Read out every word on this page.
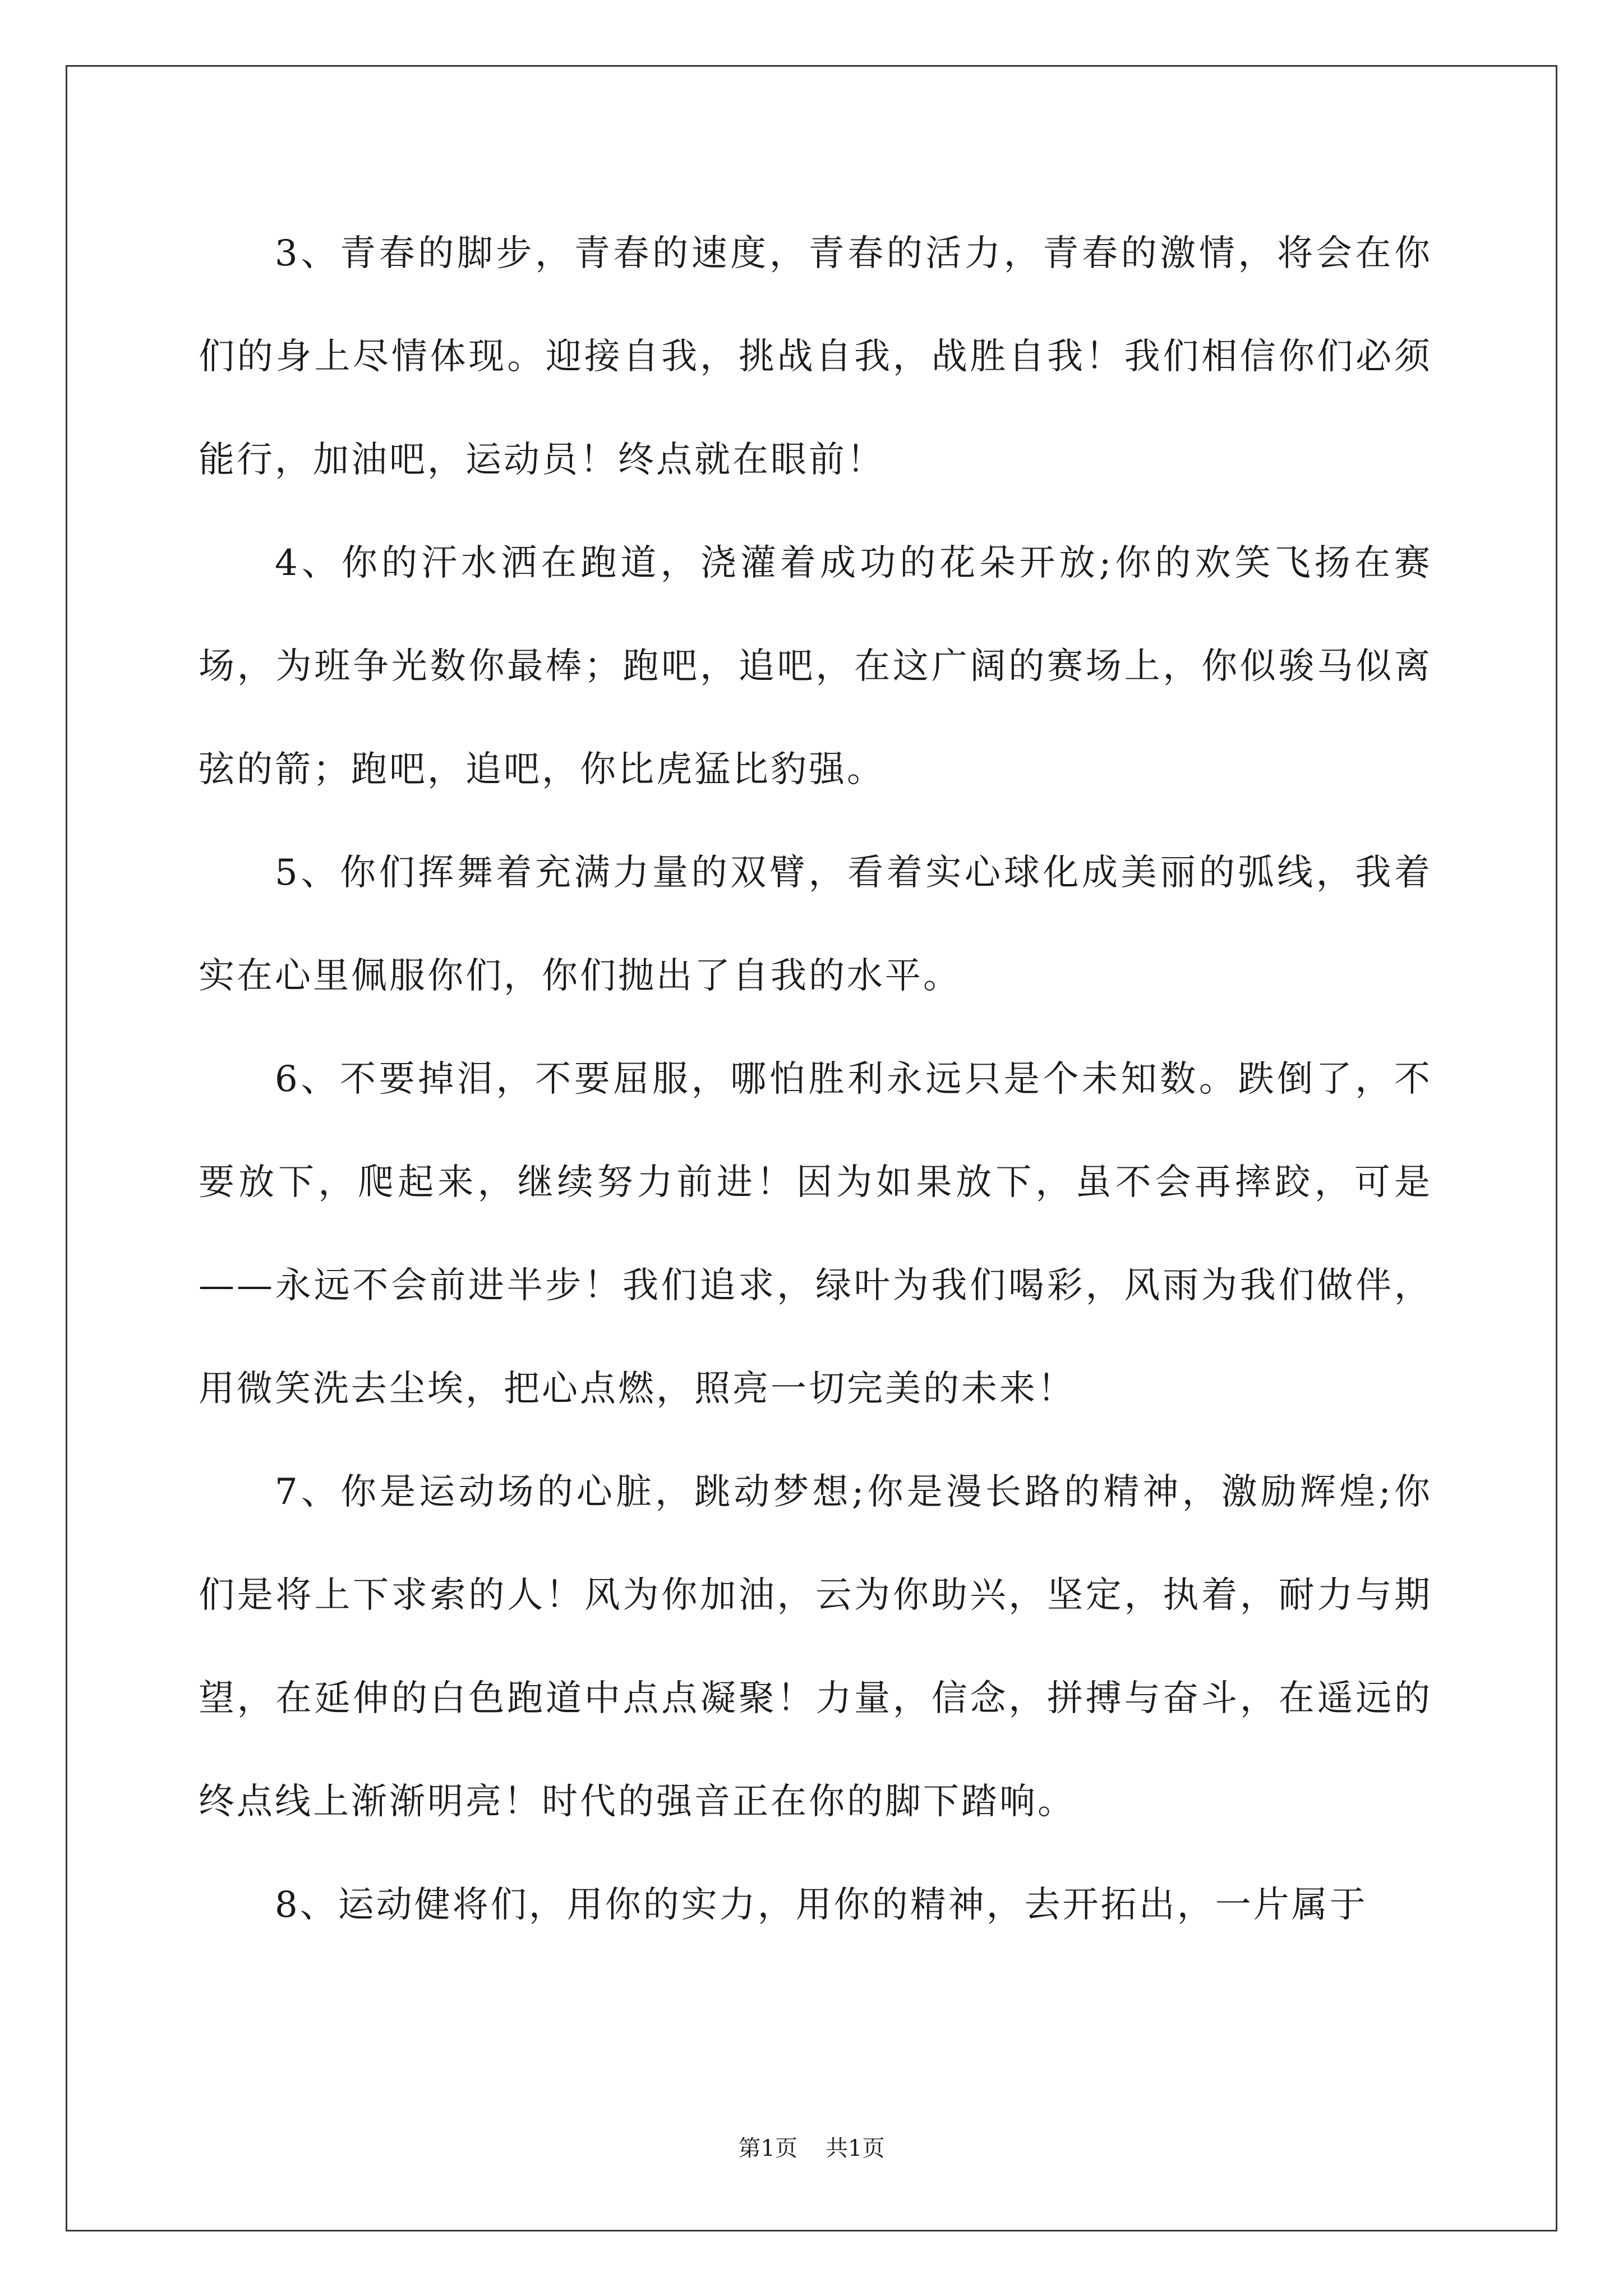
3、青春的脚步，青春的速度，青春的活力，青春的激情，将会在你们的身上尽情体现。迎接自我，挑战自我，战胜自我！我们相信你们必须能行，加油吧，运动员！终点就在眼前！

4、你的汗水洒在跑道，浇灌着成功的花朵开放;你的欢笑飞扬在赛场，为班争光数你最棒；跑吧，追吧，在这广阔的赛场上，你似骏马似离弦的箭；跑吧，追吧，你比虎猛比豹强。

5、你们挥舞着充满力量的双臂，看着实心球化成美丽的弧线，我着实在心里佩服你们，你们抛出了自我的水平。

6、不要掉泪，不要屈服，哪怕胜利永远只是个未知数。跌倒了，不要放下，爬起来，继续努力前进！因为如果放下，虽不会再摔跤，可是——永远不会前进半步！我们追求，绿叶为我们喝彩，风雨为我们做伴，用微笑洗去尘埃，把心点燃，照亮一切完美的未来！

7、你是运动场的心脏，跳动梦想;你是漫长路的精神，激励辉煌;你们是将上下求索的人！风为你加油，云为你助兴，坚定，执着，耐力与期望，在延伸的白色跑道中点点凝聚！力量，信念，拼搏与奋斗，在遥远的终点线上渐渐明亮！时代的强音正在你的脚下踏响。

8、运动健将们，用你的实力，用你的精神，去开拓出，一片属于

第1页 共1页
